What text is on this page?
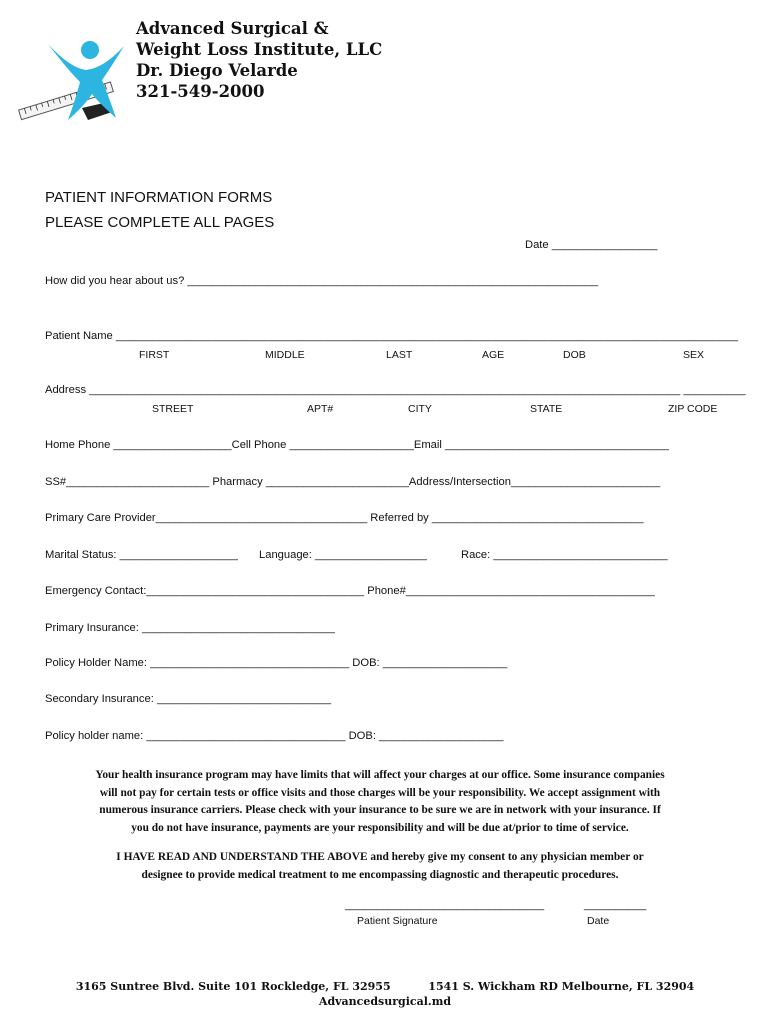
Advanced Surgical &
Weight Loss Institute, LLC
Dr. Diego Velarde
321-549-2000
PATIENT INFORMATION FORMS
PLEASE COMPLETE ALL PAGES
Date _________________
How did you hear about us? __________________________________________________________________
Patient Name ____________________________________________________________________________________________________
FIRST	MIDDLE	LAST	AGE	DOB	SEX
Address _______________________________________________________________________________________________ __________
STREET	APT#	CITY	STATE	ZIP CODE
Home Phone ___________________Cell Phone ____________________Email ____________________________________
SS#_______________________ Pharmacy _______________________Address/Intersection________________________
Primary Care Provider__________________________________ Referred by __________________________________
Marital Status: ___________________ Language: __________________	Race: ____________________________
Emergency Contact:___________________________________ Phone#________________________________________
Primary Insurance: _______________________________
Policy Holder Name: ________________________________ DOB: ____________________
Secondary Insurance: ____________________________
Policy holder name: ________________________________ DOB: ____________________
Your health insurance program may have limits that will affect your charges at our office. Some insurance companies
will not pay for certain tests or office visits and those charges will be your responsibility. We accept assignment with
numerous insurance carriers. Please check with your insurance to be sure we are in network with your insurance. If
you do not have insurance, payments are your responsibility and will be due at/prior to time of service.
I HAVE READ AND UNDERSTAND THE ABOVE and hereby give my consent to any physician member or
designee to provide medical treatment to me encompassing diagnostic and therapeutic procedures.
________________________________
Patient Signature
__________
Date
3165 Suntree Blvd. Suite 101 Rockledge, FL 32955	1541 S. Wickham RD Melbourne, FL 32904
Advancedsurgical.md
